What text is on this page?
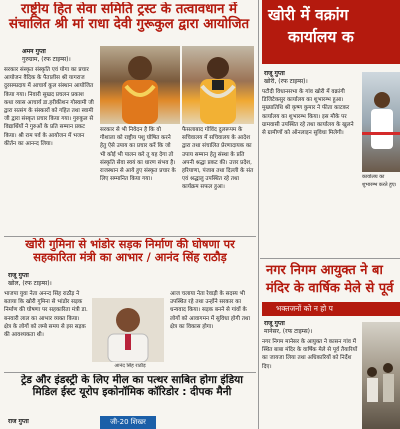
राष्ट्रीय हित सेवा समिति ट्रस्ट के तत्वावधान में
संचालित श्री मां राधा देवी गुरूकुल द्वारा आयोजित
अमन गुप्ता
गुरुग्राम, (रफ टाइम्स)।
सरकार संस्कृत संस्कृति एवं योगा का प्रचार आयोजन वैदिक के पैतालीस श्री यागराज दुरसम्प्रदाय में आचार्य कुल संस्थान आयोजित किया गया। निवारी सुखद प्रचलन प्रकाश कथा व्यास आचार्य डा.हरीकीशन गोस्वामी जी द्वारा सत्संग के संस्कारों को गहित तथा स्वामी जी द्वारा संस्कृत प्रचार किया गया। गुरुकुल से विद्यार्थियों ने गुरुओं के प्रति सम्मान प्रकट किया। श्री राम पर्व के आयोजन में भजन कीर्तन का आनन्द लिया।
सरकार से भी निवेदन है कि वो गौशाला को राष्ट्रीय पशु घोषित करने हेतु ऐसे उपाय का प्रचार करें कि जो भी कोई भी पालन करे तू यह देगा तो संस्कृति सेवा स्वयं का धारण संभव है। राजस्थान से आये हुए संस्कृत प्रचार के लिए सम्मानित किया गया।
फैसलाबाद गोविंद दुलरूपम के सचिवालय में सचिवालय के आदेश द्वारा तथा संचालित प्रेरणादायक का उपाय सम्मान हेतु संस्था के प्रति अपनी श्रद्धा प्रकट की। उत्तर प्रदेश, हरियाणा, पंजाब तथा दिल्ली के संत एवं श्रद्धालु उपस्थित रहे तथा कार्यक्रम सफल हुआ।
खोरी गुमिना से भांडोर सड़क निर्माण की घोषणा पर
सहकारिता मंत्री का आभार / आनंद सिंह राठौड़
राजू गुप्ता
खोल, (रफ टाइम्स)।
भाजपा युवा नेता अनन्द सिंह राठौड़ ने बताया कि खोरी गुमिना से भांडोर सड़क निर्माण की घोषणा पर सहकारिता मंत्री डा. बनवारी लाल का आभार व्यक्त किया। क्षेत्र के लोगों को लम्बे समय से इस सड़क की आवश्यकता थी।
आनंद सिंह राठौड़
आज चलाया नेता रेवाड़ी के सदस्य भी उपस्थित रहे तथा उन्होंने सरकार का धन्यवाद किया। सड़क बनने से गांवों के लोगों को आवागमन में सुविधा होगी तथा क्षेत्र का विकास होगा।
ट्रेड और इंडस्ट्री के लिए मील का पत्थर साबित होगा इंडिया
मिडिल ईस्ट यूरोप इकोनॉमिक कॉरिडोर : दीपक मैनी
राज गुप्ता	जी-20 शिखर
खोरी में वक्रांग
कार्यालय क
राजू गुप्ता
खोरी, (रफ टाइम्स)।
पटौदी विधानसभा के गांव खोरी में वक्रांगी डिजिटेकसुर कार्यालय का शुभारम्भ हुआ। मुख्यातिथि श्री कृष्ण कुमार ने फीता काटकर कार्यालय का शुभारम्भ किया। इस मौके पर ग्रामवासी उपस्थित रहे तथा कार्यालय के खुलने से ग्रामीणों को ऑनलाइन सुविधा मिलेगी।
कार्यालय का शुभारम्भ करते हुए।
नगर निगम आयुक्त ने बा
मंदिर के वार्षिक मेले से पूर्व
भक्तजनों को न हो प
राजू गुप्ता
मानेसर, (रफ टाइम्स)।
नगर निगम मानेसर के आयुक्त ने कासन गांव में स्थित बाबा मंदिर के वार्षिक मेले से पूर्व तैयारियों का जायजा लिया तथा अधिकारियों को निर्देश दिए।
